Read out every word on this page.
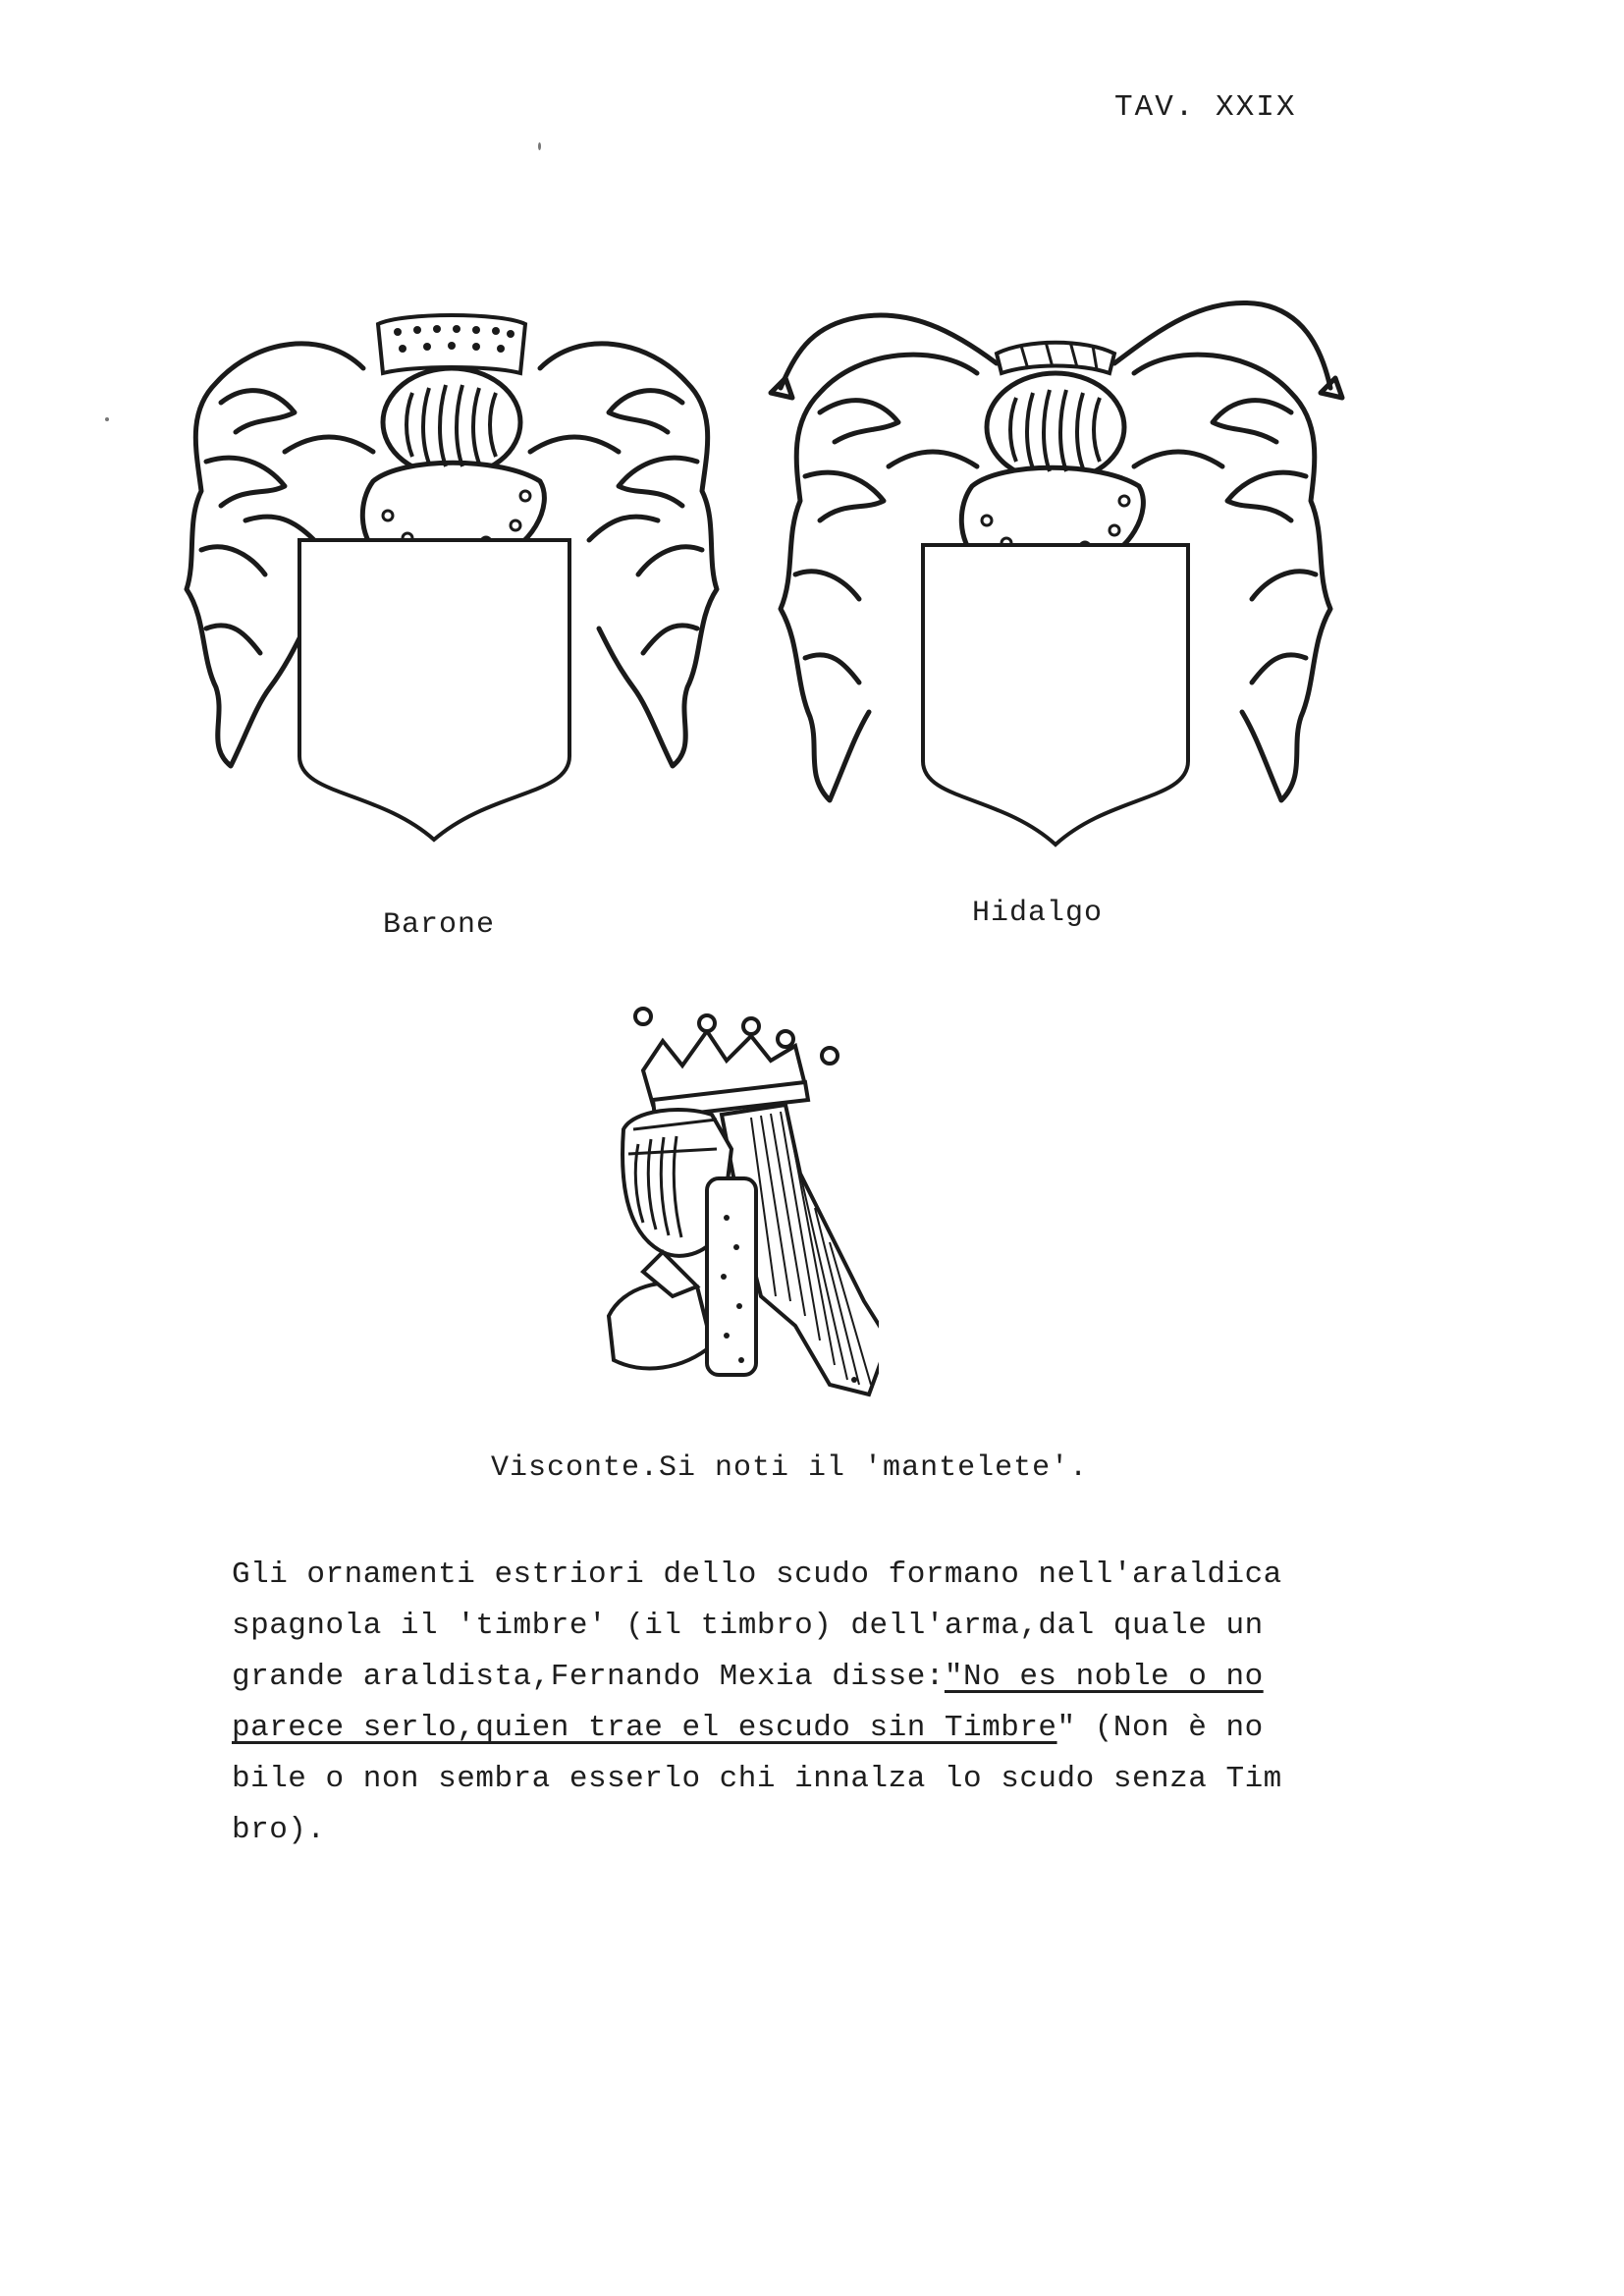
TAV. XXIX
Barone	Hidalgo
Visconte.Si noti il 'mantelete'.

Gli ornamenti estriori dello scudo formano nell'araldica

spagnola il 'timbre' (il timbro) dell'arma,dal quale un

grande araldista,Fernando Mexia disse:"No es noble o no

parece serlo,quien trae el escudo sin Timbre" (Non è no

bile o non sembra esserlo chi innalza lo scudo senza Tim

bro).
